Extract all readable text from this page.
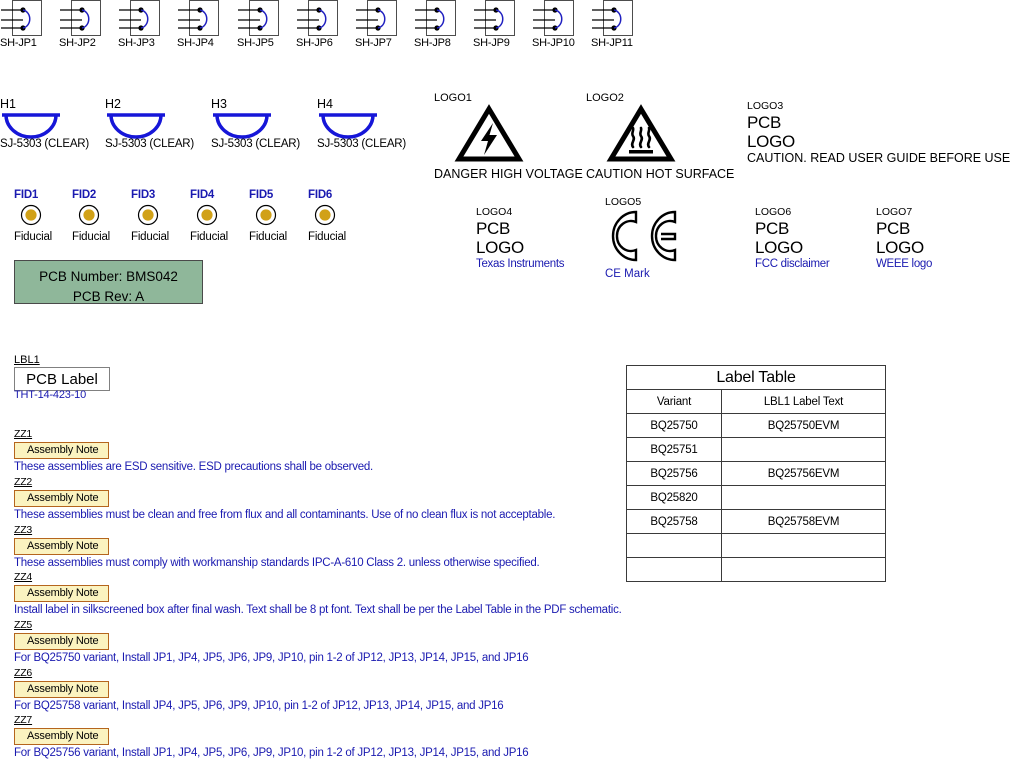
SH-JP1	SH-JP2	SH-JP3	SH-JP4	SH-JP5	SH-JP6	SH-JP7	SH-JP8	SH-JP9	SH-JP10	SH-JP11
H1
SJ-5303 (CLEAR)
H2
SJ-5303 (CLEAR)
H3
SJ-5303 (CLEAR)
H4
SJ-5303 (CLEAR)
LOGO1
DANGER HIGH VOLTAGE
LOGO2
CAUTION HOT SURFACE
LOGO3
PCB
LOGO
CAUTION. READ USER GUIDE BEFORE USE
LOGO4
PCB
LOGO
Texas Instruments
LOGO5
CE Mark
LOGO6
PCB
LOGO
FCC disclaimer
LOGO7
PCB
LOGO
WEEE logo
FID1
Fiducial
FID2
Fiducial
FID3
Fiducial
FID4
Fiducial
FID5
Fiducial
FID6
Fiducial
PCB Number: BMS042
PCB Rev: A
LBL1
PCB Label
THT-14-423-10
Label Table	
Variant	LBL1 Label Text
BQ25750	BQ25750EVM
BQ25751	
BQ25756	BQ25756EVM
BQ25820	
BQ25758	BQ25758EVM

ZZ1
Assembly Note
These assemblies are ESD sensitive. ESD precautions shall be observed.
ZZ2
Assembly Note
These assemblies must be clean and free from flux and all contaminants. Use of no clean flux is not acceptable.
ZZ3
Assembly Note
These assemblies must comply with workmanship standards IPC-A-610 Class 2. unless otherwise specified.
ZZ4
Assembly Note
Install label in silkscreened box after final wash. Text shall be 8 pt font. Text shall be per the Label Table in the PDF schematic.
ZZ5
Assembly Note
For BQ25750 variant, Install JP1, JP4, JP5, JP6, JP9, JP10, pin 1-2 of JP12, JP13, JP14, JP15, and JP16
ZZ6
Assembly Note
For BQ25758 variant, Install JP4, JP5, JP6, JP9, JP10, pin 1-2 of JP12, JP13, JP14, JP15, and JP16
ZZ7
Assembly Note
For BQ25756 variant, Install JP1, JP4, JP5, JP6, JP9, JP10, pin 1-2 of JP12, JP13, JP14, JP15, and JP16
